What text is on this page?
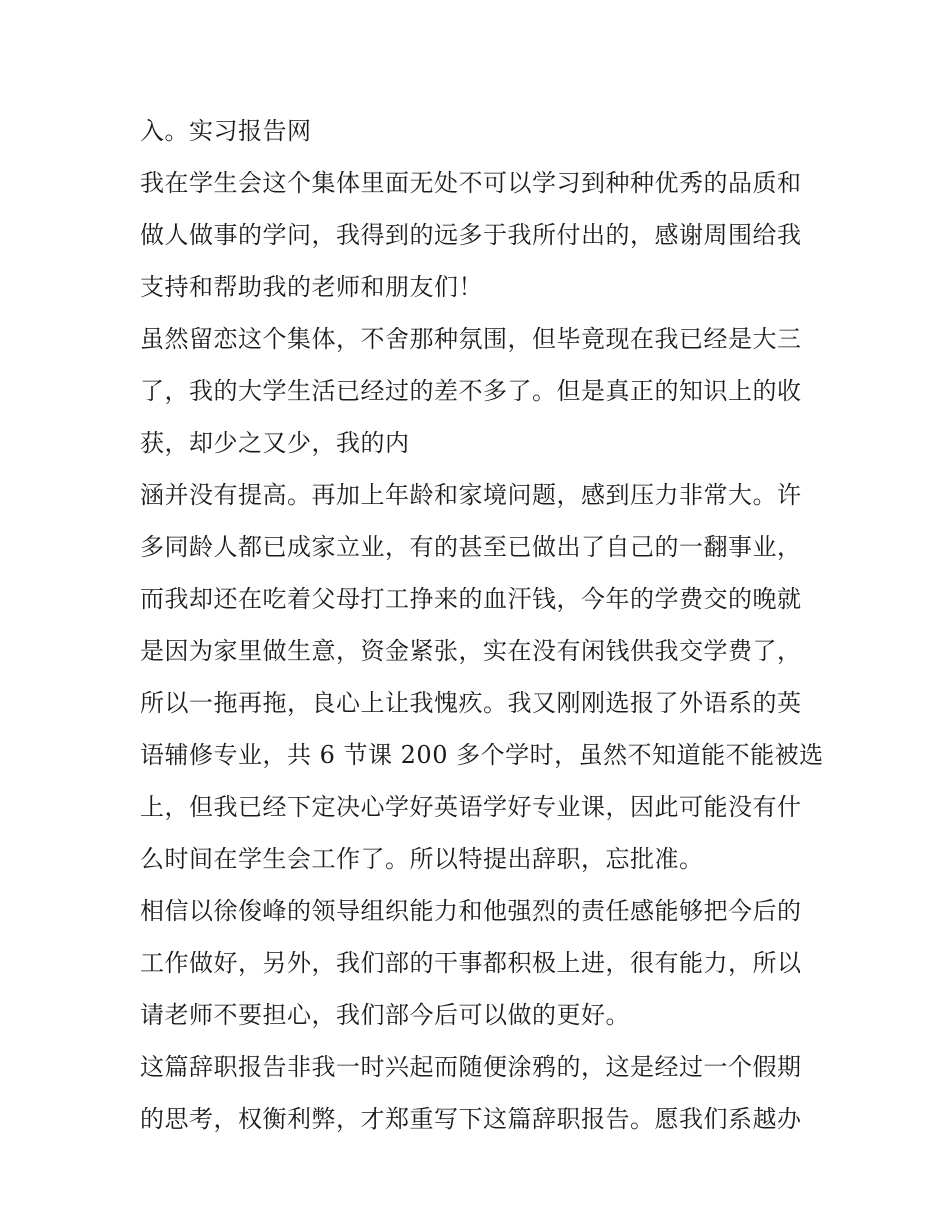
入。实习报告网
我在学生会这个集体里面无处不可以学习到种种优秀的品质和
做人做事的学问，我得到的远多于我所付出的，感谢周围给我
支持和帮助我的老师和朋友们！
虽然留恋这个集体，不舍那种氛围，但毕竟现在我已经是大三
了，我的大学生活已经过的差不多了。但是真正的知识上的收
获，却少之又少，我的内
涵并没有提高。再加上年龄和家境问题，感到压力非常大。许
多同龄人都已成家立业，有的甚至已做出了自己的一翻事业，
而我却还在吃着父母打工挣来的血汗钱，今年的学费交的晚就
是因为家里做生意，资金紧张，实在没有闲钱供我交学费了，
所以一拖再拖，良心上让我愧疚。我又刚刚选报了外语系的英
语辅修专业，共 6 节课 200 多个学时，虽然不知道能不能被选
上，但我已经下定决心学好英语学好专业课，因此可能没有什
么时间在学生会工作了。所以特提出辞职，忘批准。
相信以徐俊峰的领导组织能力和他强烈的责任感能够把今后的
工作做好，另外，我们部的干事都积极上进，很有能力，所以
请老师不要担心，我们部今后可以做的更好。
这篇辞职报告非我一时兴起而随便涂鸦的，这是经过一个假期
的思考，权衡利弊，才郑重写下这篇辞职报告。愿我们系越办
